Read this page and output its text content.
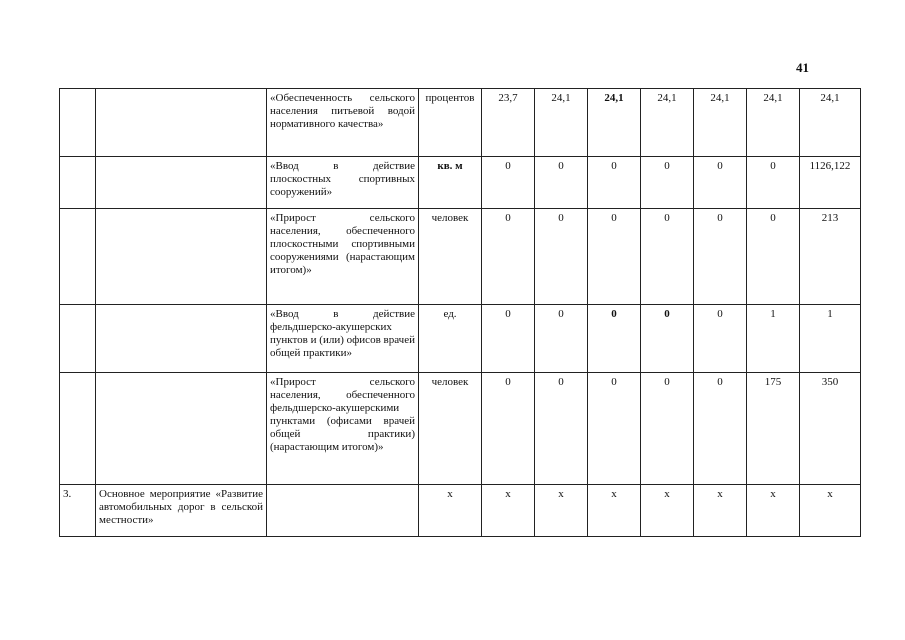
41
		«Обеспеченность сельского населения питьевой водой нормативного качества»	процентов	23,7	24,1	24,1	24,1	24,1	24,1	24,1
		«Ввод в действие плоскостных спортивных сооружений»	кв. м	0	0	0	0	0	0	1126,122
		«Прирост сельского населения, обеспеченного плоскостными спортивными сооружениями (нарастающим итогом)»	человек	0	0	0	0	0	0	213
		«Ввод в действие фельдшерско-акушерских пунктов и (или) офисов врачей общей практики»	ед.	0	0	0	0	0	1	1
		«Прирост сельского населения, обеспеченного фельдшерско-акушерскими пунктами (офисами врачей общей практики) (нарастающим итогом)»	человек	0	0	0	0	0	175	350
3.	Основное мероприятие «Развитие автомобильных дорог в сельской местности»		х	х	х	х	х	х	х	х
